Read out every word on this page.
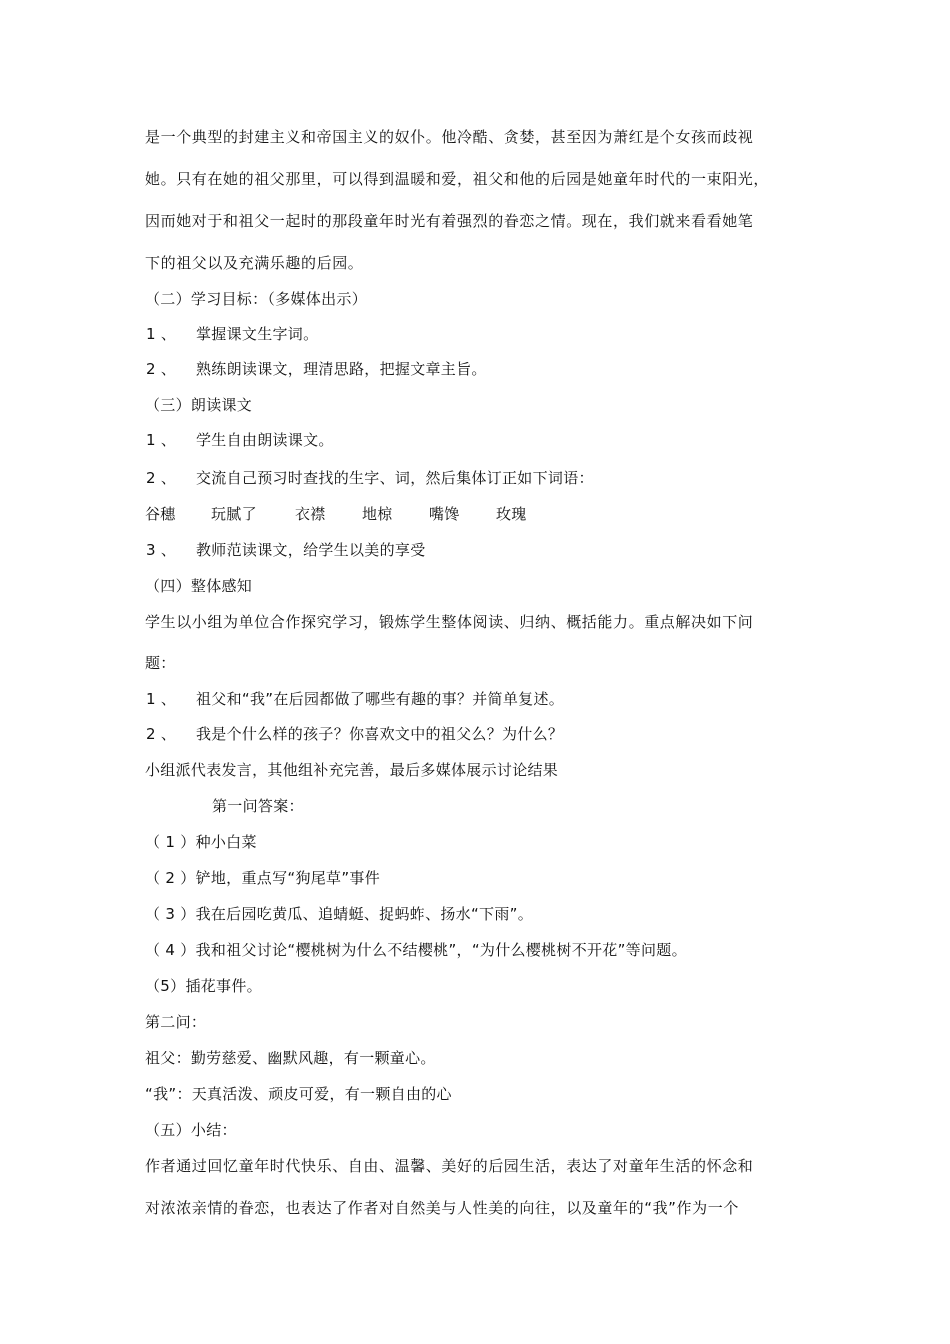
是一个典型的封建主义和帝国主义的奴仆。他冷酷、贪婪，甚至因为萧红是个女孩而歧视
她。只有在她的祖父那里，可以得到温暖和爱，祖父和他的后园是她童年时代的一束阳光，
因而她对于和祖父一起时的那段童年时光有着强烈的眷恋之情。现在，我们就来看看她笔
下的祖父以及充满乐趣的后园。
（二）学习目标：（多媒体出示）
1 、 掌握课文生字词。
2 、 熟练朗读课文，理清思路，把握文章主旨。
（三）朗读课文
1 、 学生自由朗读课文。
2 、 交流自己预习时查找的生字、词，然后集体订正如下词语：
谷穗 玩腻了	衣襟 地椋 嘴馋 玫瑰
3 、 教师范读课文，给学生以美的享受
（四）整体感知
学生以小组为单位合作探究学习，锻炼学生整体阅读、归纳、概括能力。重点解决如下问
题：
1 、 祖父和“我”在后园都做了哪些有趣的事？并简单复述。
2 、 我是个什么样的孩子？你喜欢文中的祖父么？为什么？
小组派代表发言，其他组补充完善，最后多媒体展示讨论结果
第一问答案：
（ 1 ）种小白菜
（ 2 ）铲地，重点写“狗尾草”事件
（ 3 ）我在后园吃黄瓜、追蜻蜓、捉蚂蚱、扬水“下雨”。
（ 4 ）我和祖父讨论“樱桃树为什么不结樱桃”，“为什么樱桃树不开花”等问题。
（5）插花事件。
第二问：
祖父：勤劳慈爱、幽默风趣，有一颗童心。
“我”：天真活泼、顽皮可爱，有一颗自由的心
（五）小结：
作者通过回忆童年时代快乐、自由、温馨、美好的后园生活，表达了对童年生活的怀念和
对浓浓亲情的眷恋，也表达了作者对自然美与人性美的向往，以及童年的“我”作为一个
